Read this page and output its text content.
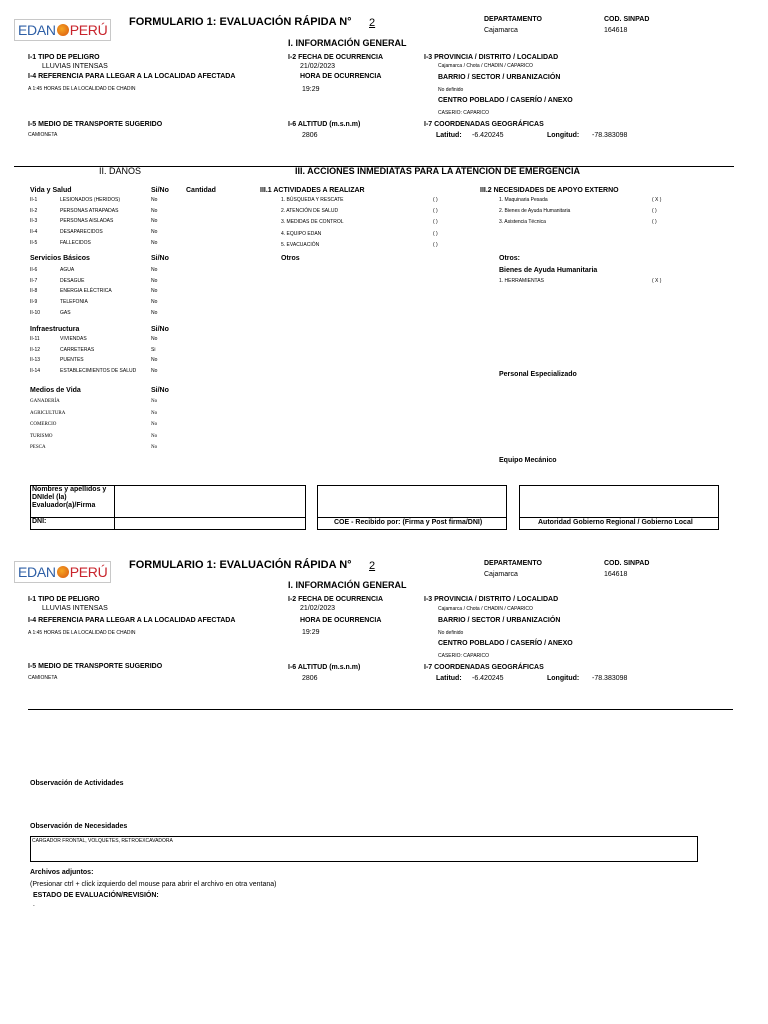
EDAN PERÚ FORMULARIO 1: EVALUACIÓN RÁPIDA N° 2	DEPARTAMENTO
Cajamarca
COD. SINPAD
164618
I. INFORMACIÓN GENERAL
I-1 TIPO DE PELIGRO
LLUVIAS INTENSAS
I-4 REFERENCIA PARA LLEGAR A LA LOCALIDAD AFECTADA
A 1:45 HORAS DE LA LOCALIDAD DE CHADIN
I-5 MEDIO DE TRANSPORTE SUGERIDO
CAMIONETA
I-2 FECHA DE OCURRENCIA
21/02/2023
HORA DE OCURRENCIA
19:29
I-6 ALTITUD (m.s.n.m)
2806
I-3 PROVINCIA / DISTRITO / LOCALIDAD
Cajamarca / Chota / CHADIN / CAPARICO
BARRIO / SECTOR / URBANIZACIÓN
No definido
CENTRO POBLADO / CASERÍO / ANEXO
CASERIO: CAPARICO
I-7 COORDENADAS GEOGRÁFICAS
Latitud: -6.420245	Longitud: -78.383098
II. DAÑOS	III. ACCIONES INMEDIATAS PARA LA ATENCION DE EMERGENCIA
Vida y Salud	Si/No Cantidad
II-1	LESIONADOS (HERIDOS)	No
II-2	PERSONAS ATRAPADAS	No
II-3	PERSONAS AISLADAS	No
II-4	DESAPARECIDOS	No
II-5	FALLECIDOS	No
Servicios Básicos	Si/No
II-6	AGUA	No
II-7	DESAGUE	No
II-8	ENERGIA ELÉCTRICA	No
II-9	TELEFONIA	No
II-10	GAS	No
Infraestructura	Si/No
II-11	VIVIENDAS	No
II-12	CARRETERAS	Si
II-13	PUENTES	No
II-14	ESTABLECIMIENTOS DE SALUD	No
Medios de Vida	Si/No
GANADERÍA	No
AGRICULTURA	No
COMERCIO	No
TURISMO	No
PESCA	No
III.1 ACTIVIDADES A REALIZAR
1. BÚSQUEDA Y RESCATE	( )
2. ATENCIÓN DE SALUD	( )
3. MEDIDAS DE CONTROL	( )
4. EQUIPO EDAN	( )
5. EVACUACIÓN	( )
Otros
III.2 NECESIDADES DE APOYO EXTERNO
1. Maquinaria Pesada	( X )
2. Bienes de Ayuda Humanitaria	( )
3. Asistencia Técnica	( )
Otros:
Bienes de Ayuda Humanitaria
1. HERRAMIENTAS	( X )
Personal Especializado
Equipo Mecánico
Nombres y apellidos y DNIdel (la) Evaluador(a)/Firma
DNI:	COE - Recibido por: (Firma y Post firma/DNI)	Autoridad Gobierno Regional / Gobierno Local
EDAN PERÚ FORMULARIO 1: EVALUACIÓN RÁPIDA N° 2	DEPARTAMENTO
Cajamarca
COD. SINPAD
164618
I. INFORMACIÓN GENERAL
I-1 TIPO DE PELIGRO
LLUVIAS INTENSAS
I-4 REFERENCIA PARA LLEGAR A LA LOCALIDAD AFECTADA
A 1:45 HORAS DE LA LOCALIDAD DE CHADIN
I-5 MEDIO DE TRANSPORTE SUGERIDO
CAMIONETA
I-2 FECHA DE OCURRENCIA
21/02/2023
HORA DE OCURRENCIA
19:29
I-6 ALTITUD (m.s.n.m)
2806
I-3 PROVINCIA / DISTRITO / LOCALIDAD
Cajamarca / Chota / CHADIN / CAPARICO
BARRIO / SECTOR / URBANIZACIÓN
No definido
CENTRO POBLADO / CASERÍO / ANEXO
CASERIO: CAPARICO
I-7 COORDENADAS GEOGRÁFICAS
Latitud: -6.420245	Longitud: -78.383098
Observación de Actividades
Observación de Necesidades
CARGADOR FRONTAL, VOLQUETES, RETROEXCAVADORA
Archivos adjuntos:
(Presionar ctrl + click izquierdo del mouse para abrir el archivo en otra ventana)
ESTADO DE EVALUACIÓN/REVISIÓN:
-
